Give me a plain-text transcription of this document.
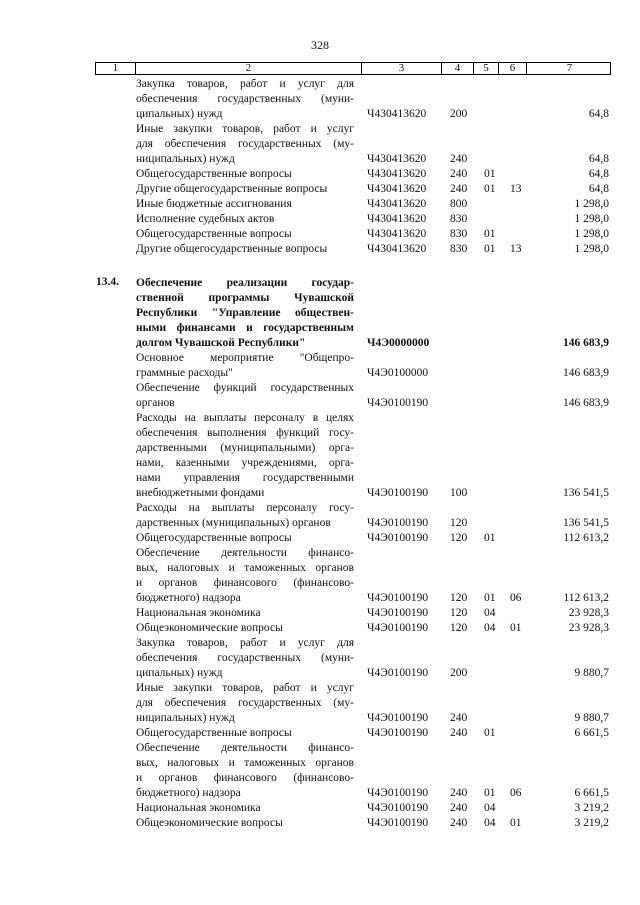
328
1	2	3	4	5	6	7
Закупка товаров, работ и услуг для
обеспечения государственных (муни-
ципальных) нужд	Ч430413620 200	64,8
Иные закупки товаров, работ и услуг
для обеспечения государственных (му-
ниципальных) нужд	Ч430413620 240	64,8
Общегосударственные вопросы	Ч430413620 240 01	64,8
Другие общегосударственные вопросы	Ч430413620 240 01 13	64,8
Иные бюджетные ассигнования	Ч430413620 800	1 298,0
Исполнение судебных актов	Ч430413620 830	1 298,0
Общегосударственные вопросы	Ч430413620 830 01	1 298,0
Другие общегосударственные вопросы	Ч430413620 830 01 13	1 298,0
13.4. Обеспечение реализации государ-
ственной программы Чувашской
Республики "Управление обществен-
ными финансами и государственным
долгом Чувашской Республики"	Ч4Э0000000	146 683,9
Основное мероприятие "Общепро-
граммные расходы"	Ч4Э0100000	146 683,9
Обеспечение функций государственных
органов	Ч4Э0100190	146 683,9
Расходы на выплаты персоналу в целях
обеспечения выполнения функций госу-
дарственными (муниципальными) орга-
нами, казенными учреждениями, орга-
нами управления государственными
внебюджетными фондами	Ч4Э0100190 100	136 541,5
Расходы на выплаты персоналу госу-
дарственных (муниципальных) органов	Ч4Э0100190 120	136 541,5
Общегосударственные вопросы	Ч4Э0100190 120 01	112 613,2
Обеспечение деятельности финансо-
вых, налоговых и таможенных органов
и органов финансового (финансово-
бюджетного) надзора	Ч4Э0100190 120 01 06	112 613,2
Национальная экономика	Ч4Э0100190 120 04	23 928,3
Общеэкономические вопросы	Ч4Э0100190 120 04 01	23 928,3
Закупка товаров, работ и услуг для
обеспечения государственных (муни-
ципальных) нужд	Ч4Э0100190 200	9 880,7
Иные закупки товаров, работ и услуг
для обеспечения государственных (му-
ниципальных) нужд	Ч4Э0100190 240	9 880,7
Общегосударственные вопросы	Ч4Э0100190 240 01	6 661,5
Обеспечение деятельности финансо-
вых, налоговых и таможенных органов
и органов финансового (финансово-
бюджетного) надзора	Ч4Э0100190 240 01 06	6 661,5
Национальная экономика	Ч4Э0100190 240 04	3 219,2
Общеэкономические вопросы	Ч4Э0100190 240 04 01	3 219,2
